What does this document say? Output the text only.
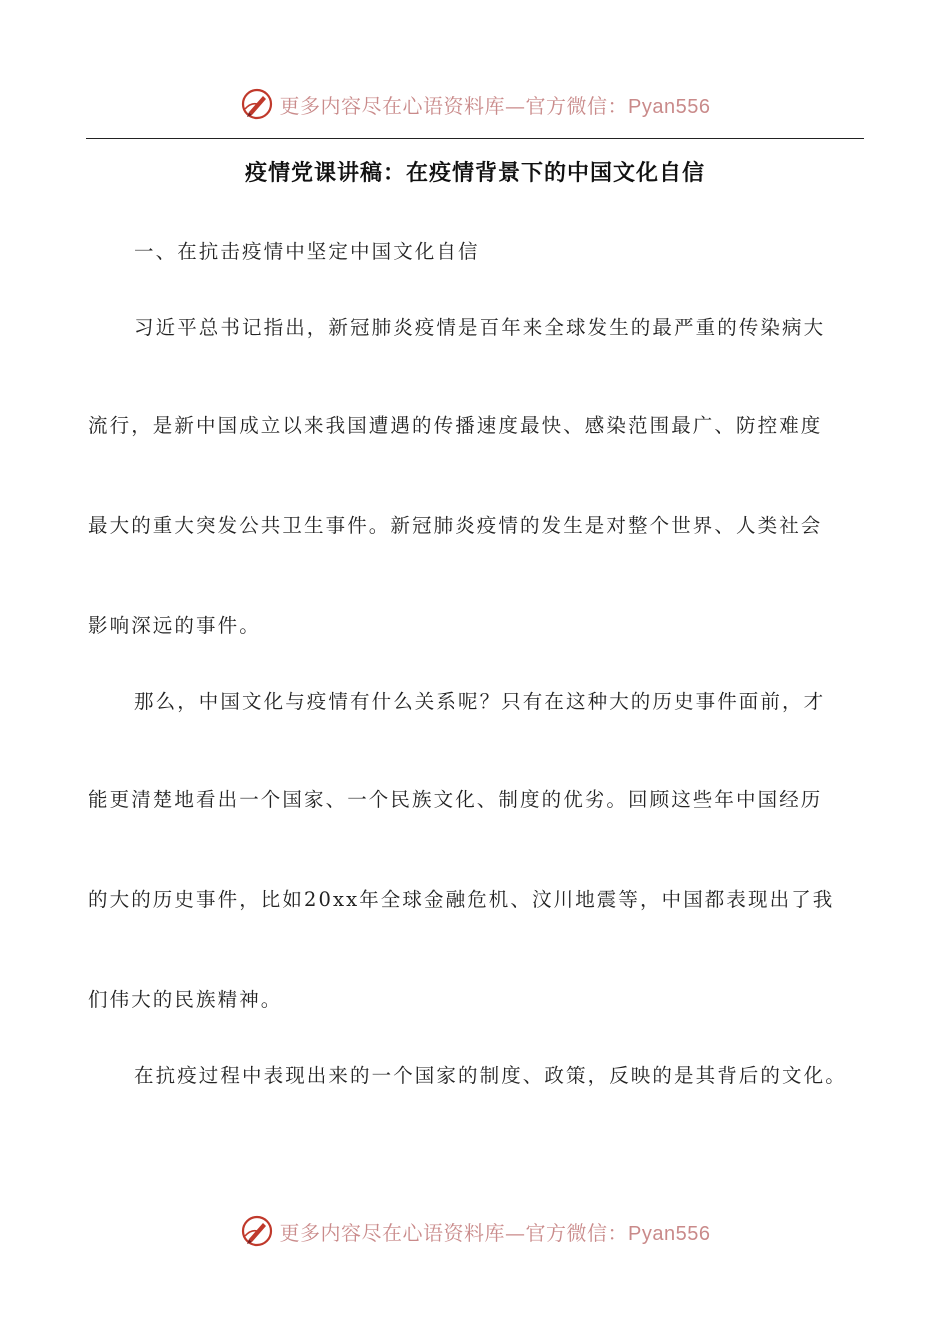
更多内容尽在心语资料库—官方微信：Pyan556
疫情党课讲稿：在疫情背景下的中国文化自信

一、在抗击疫情中坚定中国文化自信

习近平总书记指出，新冠肺炎疫情是百年来全球发生的最严重的传染病大

流行，是新中国成立以来我国遭遇的传播速度最快、感染范围最广、防控难度

最大的重大突发公共卫生事件。新冠肺炎疫情的发生是对整个世界、人类社会

影响深远的事件。

那么，中国文化与疫情有什么关系呢？只有在这种大的历史事件面前，才

能更清楚地看出一个国家、一个民族文化、制度的优劣。回顾这些年中国经历

的大的历史事件，比如20xx年全球金融危机、汶川地震等，中国都表现出了我

们伟大的民族精神。

在抗疫过程中表现出来的一个国家的制度、政策，反映的是其背后的文化。

更多内容尽在心语资料库—官方微信：Pyan556
